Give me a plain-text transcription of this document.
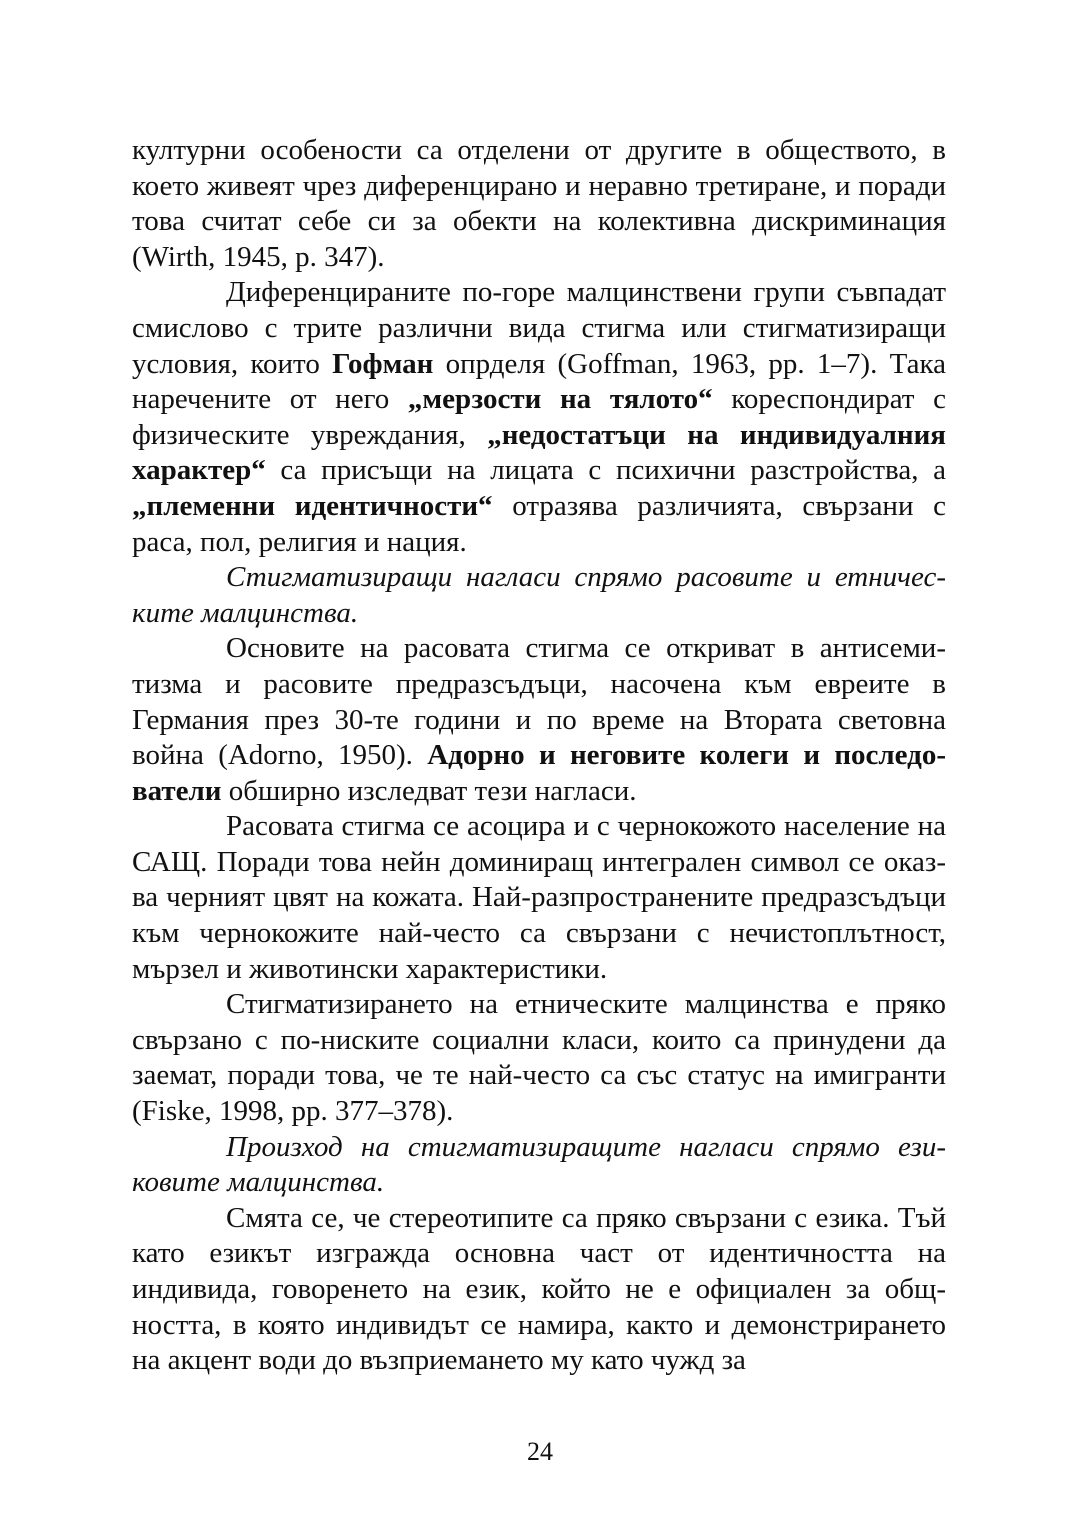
културни особености са отделени от другите в обществото, в което живеят чрез диференцирано и неравно третиране, и поради това считат себе си за обекти на колективна дискриминация (Wirth, 1945, p. 347).

Диференцираните по-горе малцинствени групи съвпадат смислово с трите различни вида стигма или стигматизиращи условия, които Гофман опрделя (Goffman, 1963, pp. 1–7). Така наречените от него „мерзости на тялото“ кореспондират с физическите увреждания, „недостатъци на индивидуалния характер“ са присъщи на лицата с психични разстройства, а „племенни идентичности“ отразява различията, свързани с раса, пол, религия и нация.

Стигматизиращи нагласи спрямо расовите и етничес-ките малцинства.

Основите на расовата стигма се откриват в антисемитизма и расовите предразсъдъци, насочена към евреите в Германия през 30-те години и по време на Втората световна война (Adorno, 1950). Адорно и неговите колеги и последователи обширно изследват тези нагласи.

Расовата стигма се асоцира и с чернокожото население на САЩ. Поради това нейн доминиращ интегрален символ се оказва черният цвят на кожата. Най-разпространените предразсъдъци към чернокожите най-често са свързани с нечистоплътност, мързел и животински характеристики.

Стигматизирането на етническите малцинства е пряко свързано с по-ниските социални класи, които са принудени да заемат, поради това, че те най-често са със статус на имигранти (Fiske, 1998, pp. 377–378).

Произход на стигматизиращите нагласи спрямо езиковите малцинства.

Смята се, че стереотипите са пряко свързани с езика. Тъй като езикът изгражда основна част от идентичността на индивида, говоренето на език, който не е официален за общността, в която индивидът се намира, както и демонстрирането на акцент води до възприемането му като чужд за

24
